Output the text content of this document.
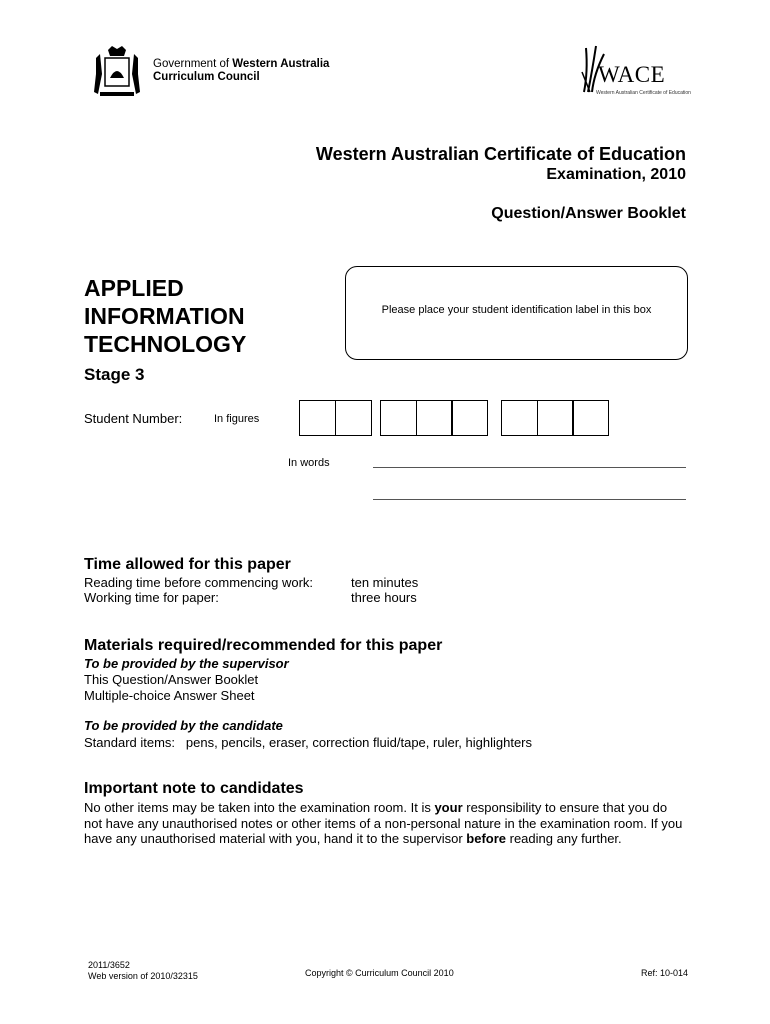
Government of Western Australia
Curriculum Council	WACE
Western Australian Certificate of Education
Western Australian Certificate of Education
Examination, 2010
Question/Answer Booklet
APPLIED
INFORMATION
TECHNOLOGY
Stage 3
Please place your student identification label in this box
Student Number:	In figures
In words
Time allowed for this paper
Reading time before commencing work:	ten minutes
Working time for paper:	three hours
Materials required/recommended for this paper
To be provided by the supervisor
This Question/Answer Booklet
Multiple-choice Answer Sheet
To be provided by the candidate
Standard items:   pens, pencils, eraser, correction fluid/tape, ruler, highlighters
Important note to candidates
No other items may be taken into the examination room. It is your responsibility to ensure that you do not have any unauthorised notes or other items of a non-personal nature in the examination room. If you have any unauthorised material with you, hand it to the supervisor before reading any further.
2011/3652
Web version of 2010/32315	Copyright © Curriculum Council 2010	Ref: 10-014
